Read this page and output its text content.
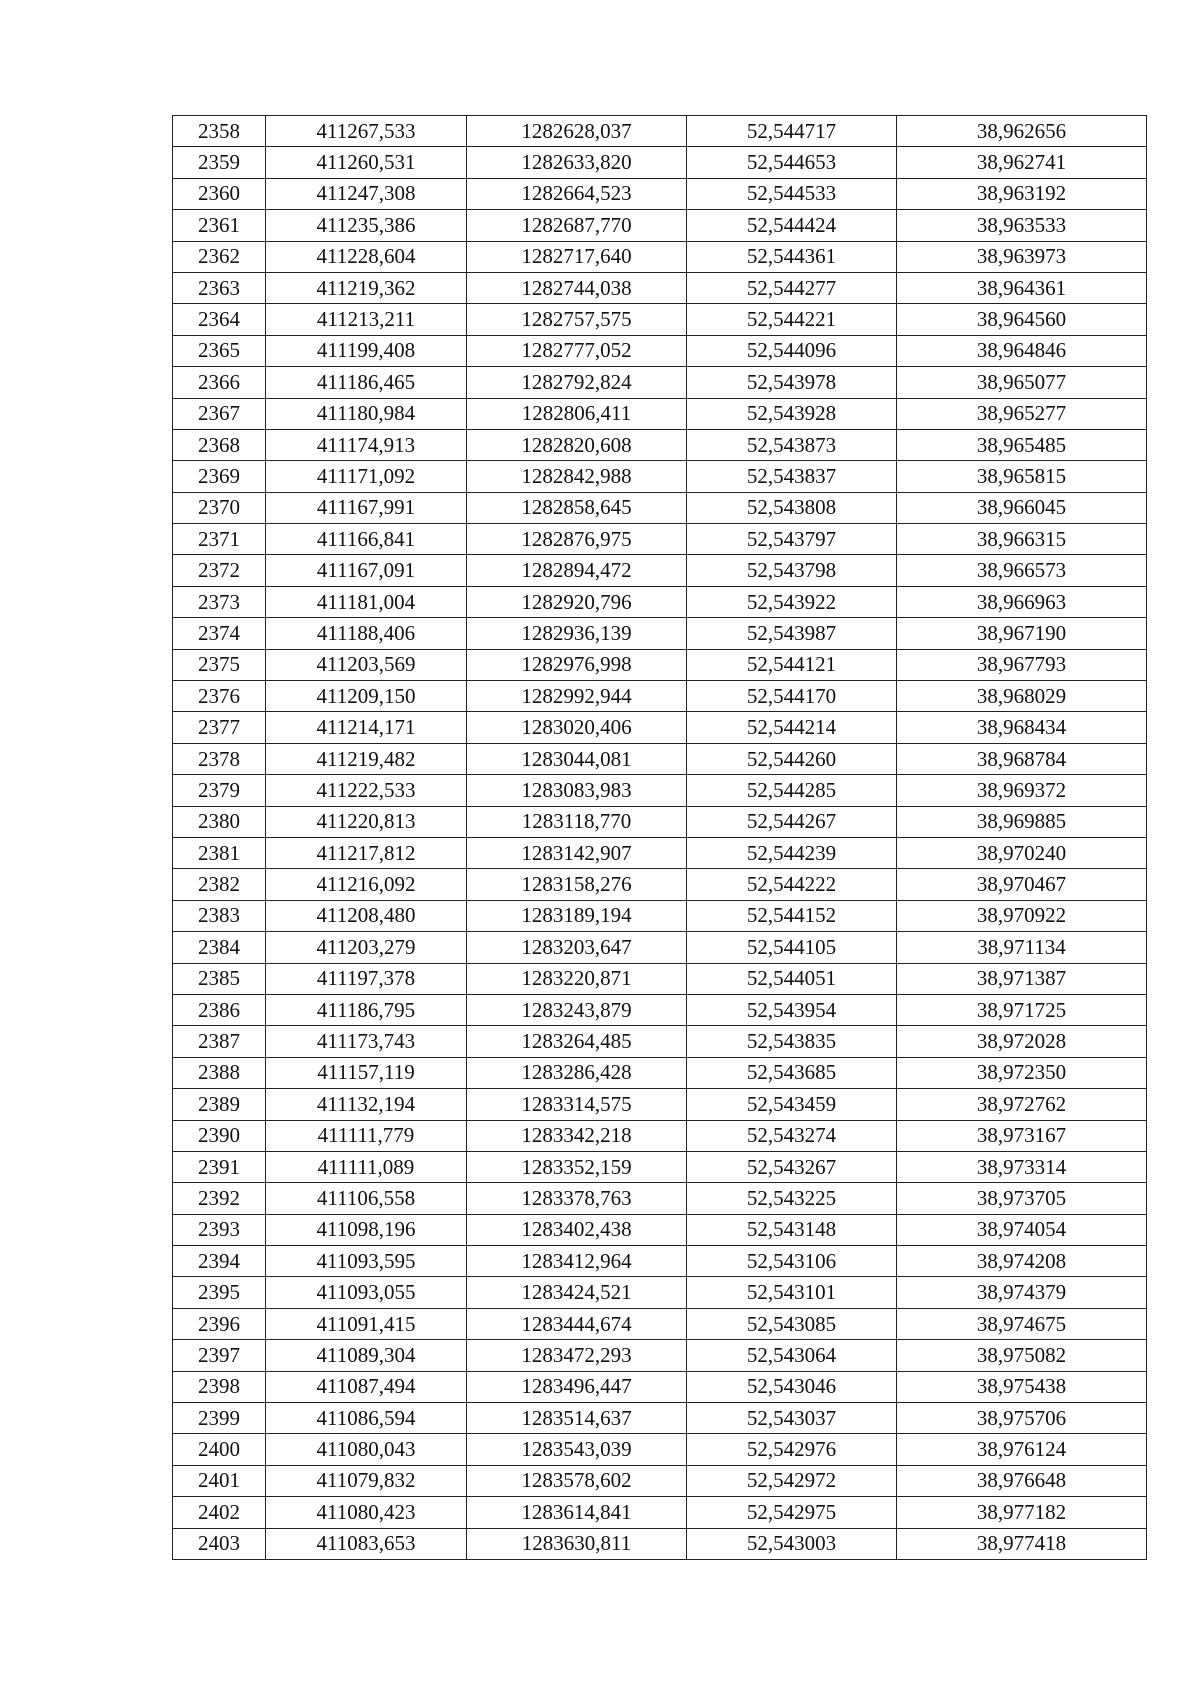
2358	411267,533	1282628,037	52,544717	38,962656
2359	411260,531	1282633,820	52,544653	38,962741
2360	411247,308	1282664,523	52,544533	38,963192
2361	411235,386	1282687,770	52,544424	38,963533
2362	411228,604	1282717,640	52,544361	38,963973
2363	411219,362	1282744,038	52,544277	38,964361
2364	411213,211	1282757,575	52,544221	38,964560
2365	411199,408	1282777,052	52,544096	38,964846
2366	411186,465	1282792,824	52,543978	38,965077
2367	411180,984	1282806,411	52,543928	38,965277
2368	411174,913	1282820,608	52,543873	38,965485
2369	411171,092	1282842,988	52,543837	38,965815
2370	411167,991	1282858,645	52,543808	38,966045
2371	411166,841	1282876,975	52,543797	38,966315
2372	411167,091	1282894,472	52,543798	38,966573
2373	411181,004	1282920,796	52,543922	38,966963
2374	411188,406	1282936,139	52,543987	38,967190
2375	411203,569	1282976,998	52,544121	38,967793
2376	411209,150	1282992,944	52,544170	38,968029
2377	411214,171	1283020,406	52,544214	38,968434
2378	411219,482	1283044,081	52,544260	38,968784
2379	411222,533	1283083,983	52,544285	38,969372
2380	411220,813	1283118,770	52,544267	38,969885
2381	411217,812	1283142,907	52,544239	38,970240
2382	411216,092	1283158,276	52,544222	38,970467
2383	411208,480	1283189,194	52,544152	38,970922
2384	411203,279	1283203,647	52,544105	38,971134
2385	411197,378	1283220,871	52,544051	38,971387
2386	411186,795	1283243,879	52,543954	38,971725
2387	411173,743	1283264,485	52,543835	38,972028
2388	411157,119	1283286,428	52,543685	38,972350
2389	411132,194	1283314,575	52,543459	38,972762
2390	411111,779	1283342,218	52,543274	38,973167
2391	411111,089	1283352,159	52,543267	38,973314
2392	411106,558	1283378,763	52,543225	38,973705
2393	411098,196	1283402,438	52,543148	38,974054
2394	411093,595	1283412,964	52,543106	38,974208
2395	411093,055	1283424,521	52,543101	38,974379
2396	411091,415	1283444,674	52,543085	38,974675
2397	411089,304	1283472,293	52,543064	38,975082
2398	411087,494	1283496,447	52,543046	38,975438
2399	411086,594	1283514,637	52,543037	38,975706
2400	411080,043	1283543,039	52,542976	38,976124
2401	411079,832	1283578,602	52,542972	38,976648
2402	411080,423	1283614,841	52,542975	38,977182
2403	411083,653	1283630,811	52,543003	38,977418
